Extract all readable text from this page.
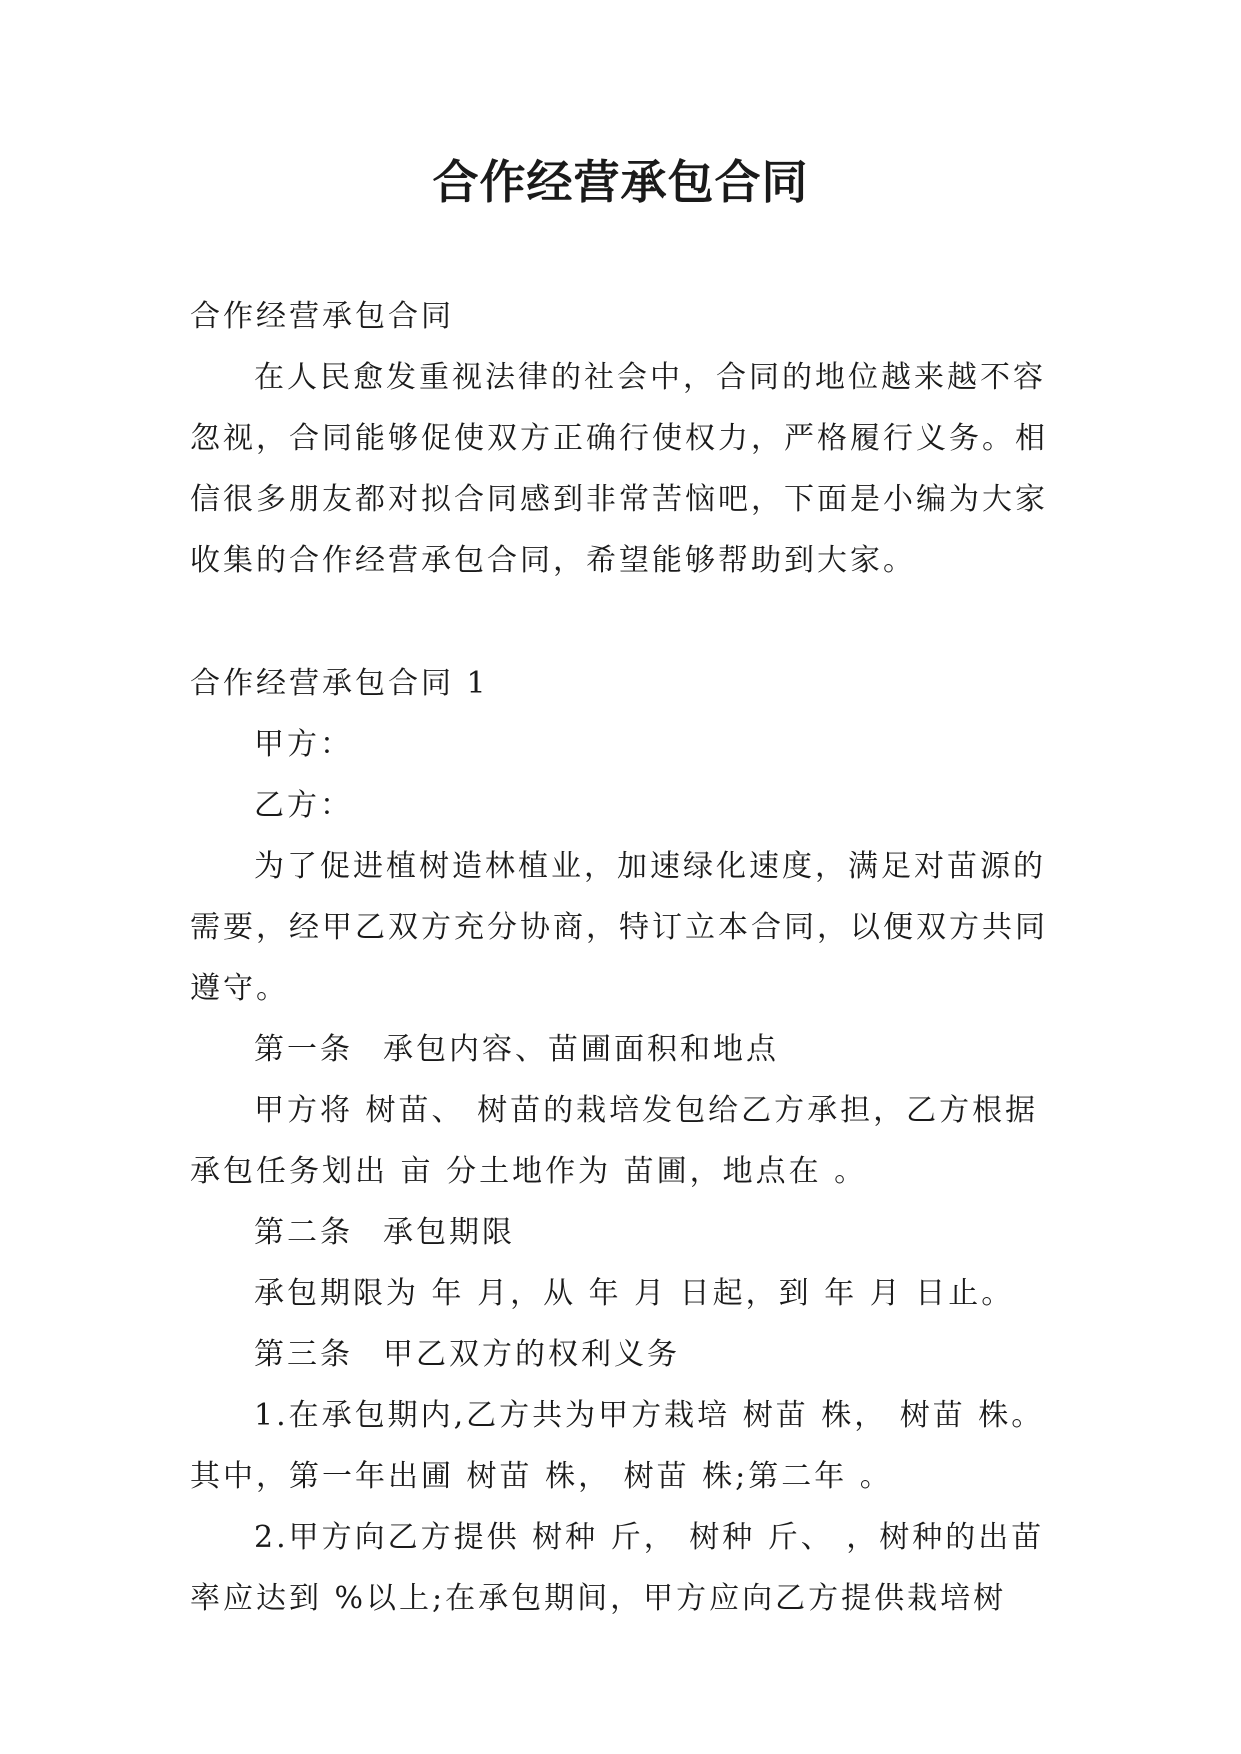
合作经营承包合同

合作经营承包合同

在人民愈发重视法律的社会中，合同的地位越来越不容忽视，合同能够促使双方正确行使权力，严格履行义务。相信很多朋友都对拟合同感到非常苦恼吧，下面是小编为大家收集的合作经营承包合同，希望能够帮助到大家。

合作经营承包合同 1

甲方：

乙方：

为了促进植树造林植业，加速绿化速度，满足对苗源的需要，经甲乙双方充分协商，特订立本合同，以便双方共同遵守。

第一条 承包内容、苗圃面积和地点

甲方将 树苗、 树苗的栽培发包给乙方承担，乙方根据承包任务划出 亩 分土地作为 苗圃，地点在 。

第二条 承包期限

承包期限为 年 月，从 年 月 日起，到 年 月 日止。

第三条 甲乙双方的权利义务

1.在承包期内,乙方共为甲方栽培 树苗 株， 树苗 株。其中，第一年出圃 树苗 株， 树苗 株;第二年 。

2.甲方向乙方提供 树种 斤， 树种 斤、 ，树种的出苗率应达到 %以上;在承包期间，甲方应向乙方提供栽培树
